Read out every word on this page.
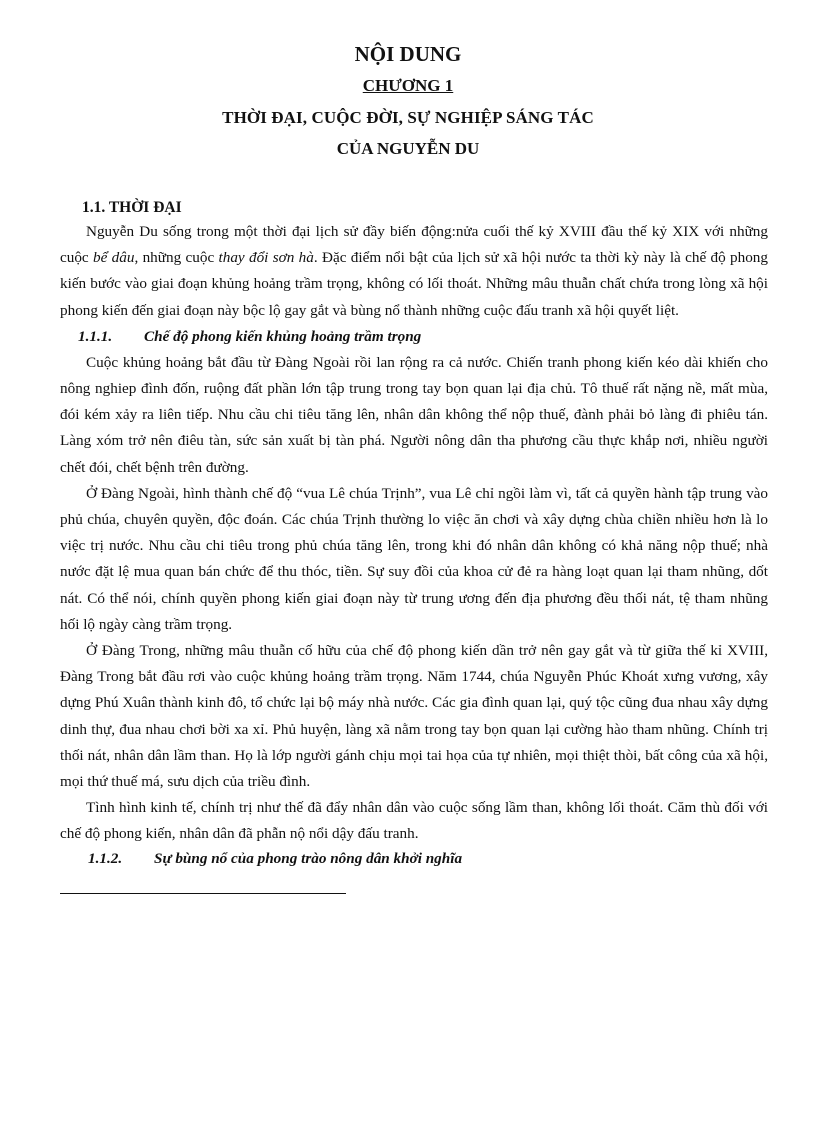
NỘI DUNG
CHƯƠNG 1
THỜI ĐẠI, CUỘC ĐỜI, SỰ NGHIỆP SÁNG TÁC
CỦA NGUYỄN DU
1.1. THỜI ĐẠI

Nguyễn Du sống trong một thời đại lịch sử đầy biến động:nửa cuối thế kỷ XVIII đầu thế kỷ XIX với những cuộc bể dâu, những cuộc thay đổi sơn hà. Đặc điểm nổi bật của lịch sử xã hội nước ta thời kỳ này là chế độ phong kiến bước vào giai đoạn khủng hoảng trầm trọng, không có lối thoát. Những mâu thuẫn chất chứa trong lòng xã hội phong kiến đến giai đoạn này bộc lộ gay gắt và bùng nổ thành những cuộc đấu tranh xã hội quyết liệt.

1.1.1. Chế độ phong kiến khủng hoảng trầm trọng

Cuộc khủng hoảng bắt đầu từ Đàng Ngoài rồi lan rộng ra cả nước. Chiến tranh phong kiến kéo dài khiến cho nông nghiep đình đốn, ruộng đất phần lớn tập trung trong tay bọn quan lại địa chủ. Tô thuế rất nặng nề, mất mùa, đói kém xảy ra liên tiếp. Nhu cầu chi tiêu tăng lên, nhân dân không thể nộp thuế, đành phải bỏ làng đi phiêu tán. Làng xóm trở nên điêu tàn, sức sản xuất bị tàn phá. Người nông dân tha phương cầu thực khắp nơi, nhiều người chết đói, chết bệnh trên đường.

Ở Đàng Ngoài, hình thành chế độ “vua Lê chúa Trịnh”, vua Lê chỉ ngồi làm vì, tất cả quyền hành tập trung vào phủ chúa, chuyên quyền, độc đoán. Các chúa Trịnh thường lo việc ăn chơi và xây dựng chùa chiền nhiều hơn là lo việc trị nước. Nhu cầu chi tiêu trong phủ chúa tăng lên, trong khi đó nhân dân không có khả năng nộp thuế; nhà nước đặt lệ mua quan bán chức để thu thóc, tiền. Sự suy đồi của khoa cử đẻ ra hàng loạt quan lại tham nhũng, dốt nát. Có thể nói, chính quyền phong kiến giai đoạn này từ trung ương đến địa phương đều thối nát, tệ tham nhũng hối lộ ngày càng trầm trọng.

Ở Đàng Trong, những mâu thuẫn cố hữu của chế độ phong kiến dần trở nên gay gắt và từ giữa thế kỉ XVIII, Đàng Trong bắt đầu rơi vào cuộc khủng hoảng trầm trọng. Năm 1744, chúa Nguyễn Phúc Khoát xưng vương, xây dựng Phú Xuân thành kinh đô, tổ chức lại bộ máy nhà nước. Các gia đình quan lại, quý tộc cũng đua nhau xây dựng dinh thự, đua nhau chơi bời xa xỉ. Phủ huyện, làng xã nằm trong tay bọn quan lại cường hào tham nhũng. Chính trị thối nát, nhân dân lầm than. Họ là lớp người gánh chịu mọi tai họa của tự nhiên, mọi thiệt thòi, bất công của xã hội, mọi thứ thuế má, sưu dịch của triều đình.

Tình hình kinh tế, chính trị như thế đã đẩy nhân dân vào cuộc sống lầm than, không lối thoát. Căm thù đối với chế độ phong kiến, nhân dân đã phẫn nộ nổi dậy đấu tranh.

1.1.2. Sự bùng nổ của phong trào nông dân khởi nghĩa
